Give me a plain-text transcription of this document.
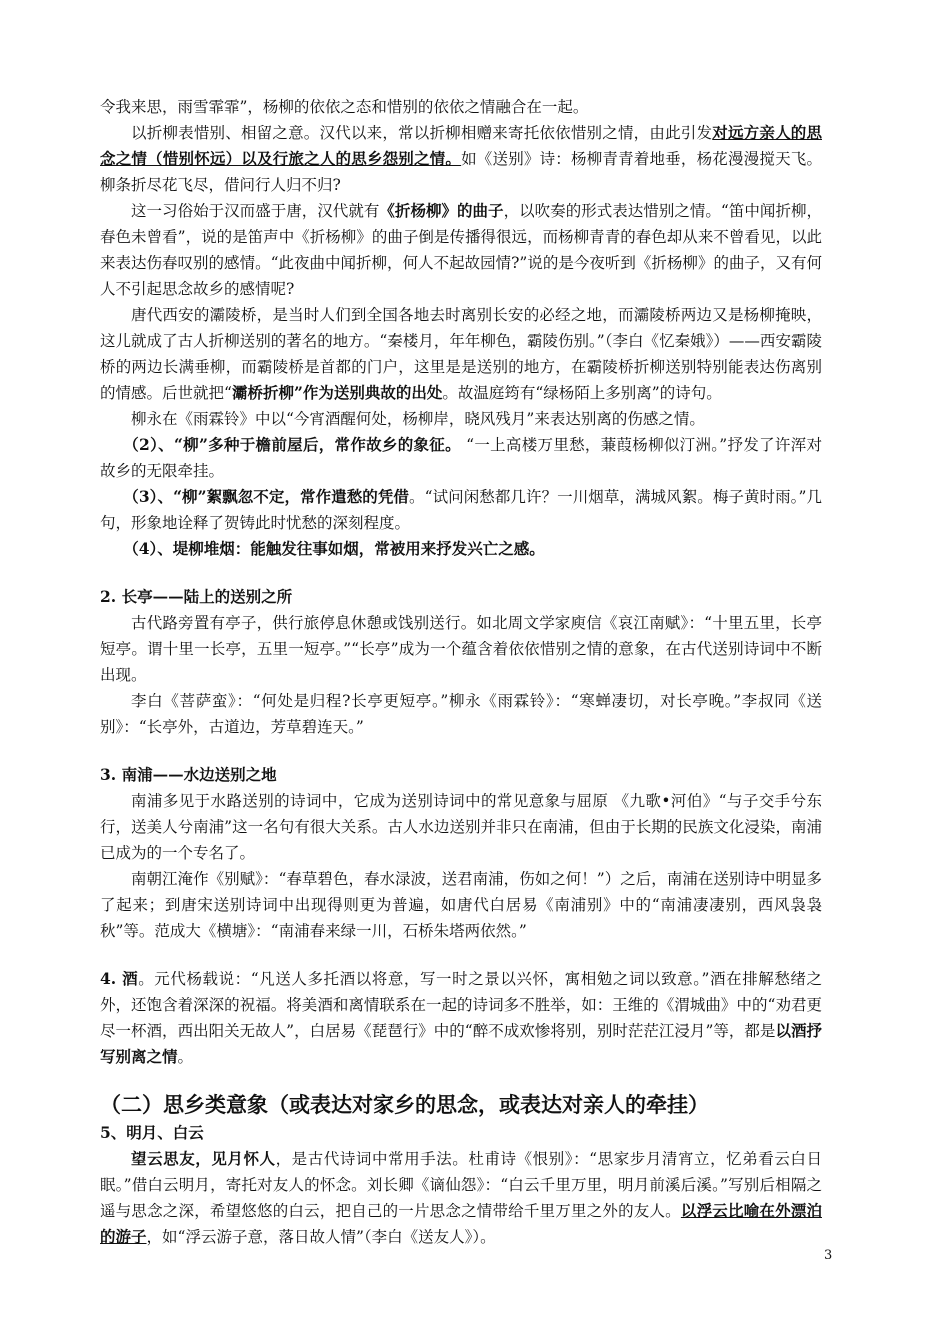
令我来思，雨雪霏霏”，杨柳的依依之态和惜别的依依之情融合在一起。

以折柳表惜别、相留之意。汉代以来，常以折柳相赠来寄托依依惜别之情，由此引发对远方亲人的思念之情（惜别怀远）以及行旅之人的思乡怨别之情。如《送别》诗：杨柳青青着地垂，杨花漫漫搅天飞。柳条折尽花飞尽，借问行人归不归?

这一习俗始于汉而盛于唐，汉代就有《折杨柳》的曲子，以吹奏的形式表达惜别之情。“笛中闻折柳，春色未曾看”，说的是笛声中《折杨柳》的曲子倒是传播得很远，而杨柳青青的春色却从来不曾看见，以此来表达伤春叹别的感情。“此夜曲中闻折柳，何人不起故园情?”说的是今夜听到《折杨柳》的曲子，又有何人不引起思念故乡的感情呢?

唐代西安的灞陵桥，是当时人们到全国各地去时离别长安的必经之地，而灞陵桥两边又是杨柳掩映，这儿就成了古人折柳送别的著名的地方。“秦楼月，年年柳色，霸陵伤别。”（李白《忆秦娥》）——西安霸陵桥的两边长满垂柳，而霸陵桥是首都的门户，这里是是送别的地方，在霸陵桥折柳送别特别能表达伤离别的情感。后世就把“灞桥折柳”作为送别典故的出处。故温庭筠有“绿杨陌上多别离”的诗句。

柳永在《雨霖铃》中以“今宵酒醒何处，杨柳岸，晓风残月”来表达别离的伤感之情。

（2）、“柳”多种于檐前屋后，常作故乡的象征。 “一上高楼万里愁，蒹葭杨柳似汀洲。”抒发了许浑对故乡的无限牵挂。

（3）、“柳”絮飘忽不定，常作遣愁的凭借。“试问闲愁都几许？一川烟草，满城风絮。梅子黄时雨。”几句，形象地诠释了贺铸此时忧愁的深刻程度。

（4）、堤柳堆烟：能触发往事如烟，常被用来抒发兴亡之感。

2. 长亭——陆上的送别之所

古代路旁置有亭子，供行旅停息休憩或饯别送行。如北周文学家庾信《哀江南赋》：“十里五里，长亭短亭。谓十里一长亭，五里一短亭。”“长亭”成为一个蕴含着依依惜别之情的意象，在古代送别诗词中不断出现。

李白《菩萨蛮》：“何处是归程?长亭更短亭。”柳永《雨霖铃》：“寒蝉凄切，对长亭晚。”李叔同《送别》：“长亭外，古道边，芳草碧连天。”

3. 南浦——水边送别之地

南浦多见于水路送别的诗词中，它成为送别诗词中的常见意象与屈原 《九歌•河伯》“与子交手兮东行，送美人兮南浦”这一名句有很大关系。古人水边送别并非只在南浦，但由于长期的民族文化浸染，南浦已成为的一个专名了。

南朝江淹作《别赋》：“春草碧色，春水渌波，送君南浦，伤如之何！”）之后，南浦在送别诗中明显多了起来；到唐宋送别诗词中出现得则更为普遍，如唐代白居易《南浦别》中的“南浦凄凄别，西风袅袅秋”等。范成大《横塘》：“南浦春来绿一川，石桥朱塔两依然。”

4. 酒。元代杨载说：“凡送人多托酒以将意，写一时之景以兴怀，寓相勉之词以致意。”酒在排解愁绪之外，还饱含着深深的祝福。将美酒和离情联系在一起的诗词多不胜举，如：王维的《渭城曲》中的“劝君更尽一杯酒，西出阳关无故人”，白居易《琵琶行》中的“醉不成欢惨将别，别时茫茫江浸月”等，都是以酒抒写别离之情。

（二）思乡类意象（或表达对家乡的思念，或表达对亲人的牵挂）

5、明月、白云

望云思友，见月怀人，是古代诗词中常用手法。杜甫诗《恨别》：“思家步月清宵立，忆弟看云白日眠。”借白云明月，寄托对友人的怀念。刘长卿《谪仙怨》：“白云千里万里，明月前溪后溪。”写别后相隔之遥与思念之深，希望悠悠的白云，把自己的一片思念之情带给千里万里之外的友人。以浮云比喻在外漂泊的游子，如“浮云游子意，落日故人情”（李白《送友人》）。

3
